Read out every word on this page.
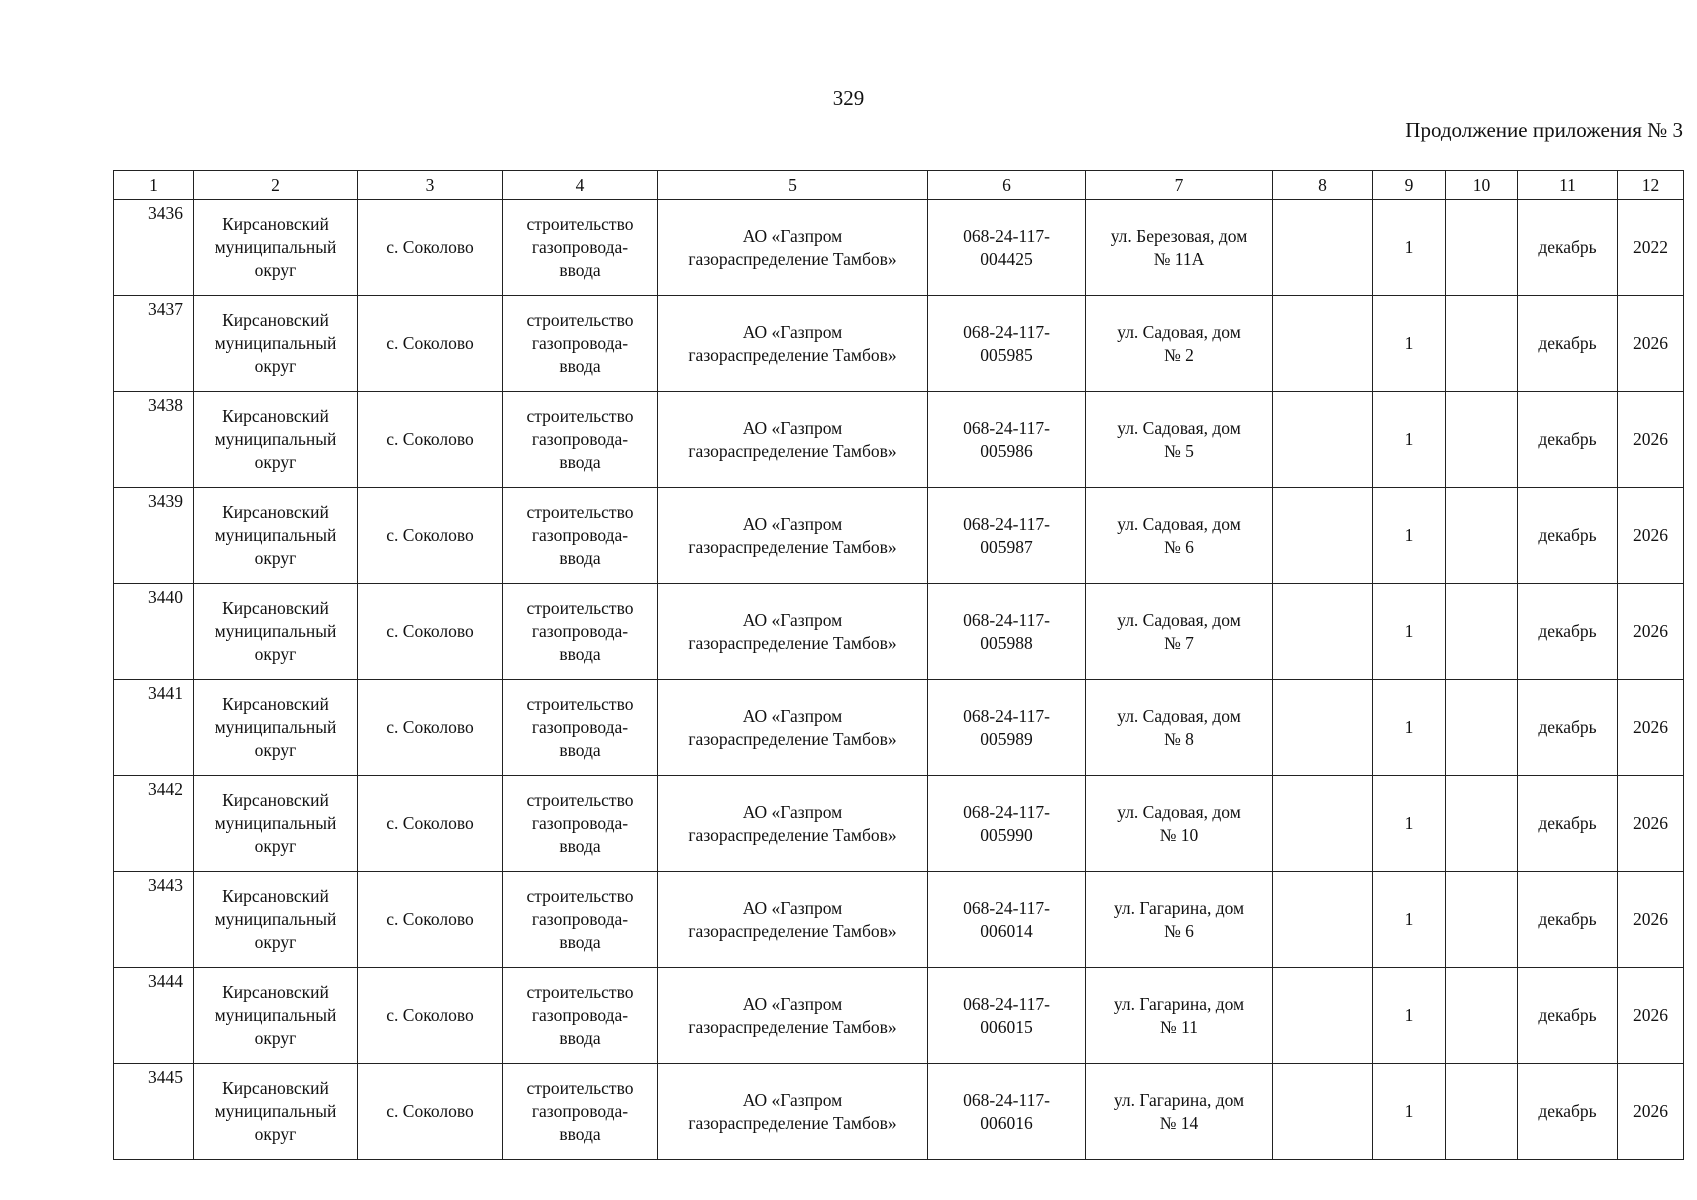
329
Продолжение приложения № 3
1	2	3	4	5	6	7	8	9	10	11	12

3436	Кирсановский
муниципальный
округ	с. Соколово	строительство
газопровода-
ввода	АО «Газпром
газораспределение Тамбов»	068-24-117-
004425	ул. Березовая, дом
№ 11А		1		декабрь	2022

3437	Кирсановский
муниципальный
округ	с. Соколово	строительство
газопровода-
ввода	АО «Газпром
газораспределение Тамбов»	068-24-117-
005985	ул. Садовая, дом
№ 2		1		декабрь	2026

3438	Кирсановский
муниципальный
округ	с. Соколово	строительство
газопровода-
ввода	АО «Газпром
газораспределение Тамбов»	068-24-117-
005986	ул. Садовая, дом
№ 5		1		декабрь	2026

3439	Кирсановский
муниципальный
округ	с. Соколово	строительство
газопровода-
ввода	АО «Газпром
газораспределение Тамбов»	068-24-117-
005987	ул. Садовая, дом
№ 6		1		декабрь	2026

3440	Кирсановский
муниципальный
округ	с. Соколово	строительство
газопровода-
ввода	АО «Газпром
газораспределение Тамбов»	068-24-117-
005988	ул. Садовая, дом
№ 7		1		декабрь	2026

3441	Кирсановский
муниципальный
округ	с. Соколово	строительство
газопровода-
ввода	АО «Газпром
газораспределение Тамбов»	068-24-117-
005989	ул. Садовая, дом
№ 8		1		декабрь	2026

3442	Кирсановский
муниципальный
округ	с. Соколово	строительство
газопровода-
ввода	АО «Газпром
газораспределение Тамбов»	068-24-117-
005990	ул. Садовая, дом
№ 10		1		декабрь	2026

3443	Кирсановский
муниципальный
округ	с. Соколово	строительство
газопровода-
ввода	АО «Газпром
газораспределение Тамбов»	068-24-117-
006014	ул. Гагарина, дом
№ 6		1		декабрь	2026

3444	Кирсановский
муниципальный
округ	с. Соколово	строительство
газопровода-
ввода	АО «Газпром
газораспределение Тамбов»	068-24-117-
006015	ул. Гагарина, дом
№ 11		1		декабрь	2026

3445	Кирсановский
муниципальный
округ	с. Соколово	строительство
газопровода-
ввода	АО «Газпром
газораспределение Тамбов»	068-24-117-
006016	ул. Гагарина, дом
№ 14		1		декабрь	2026
